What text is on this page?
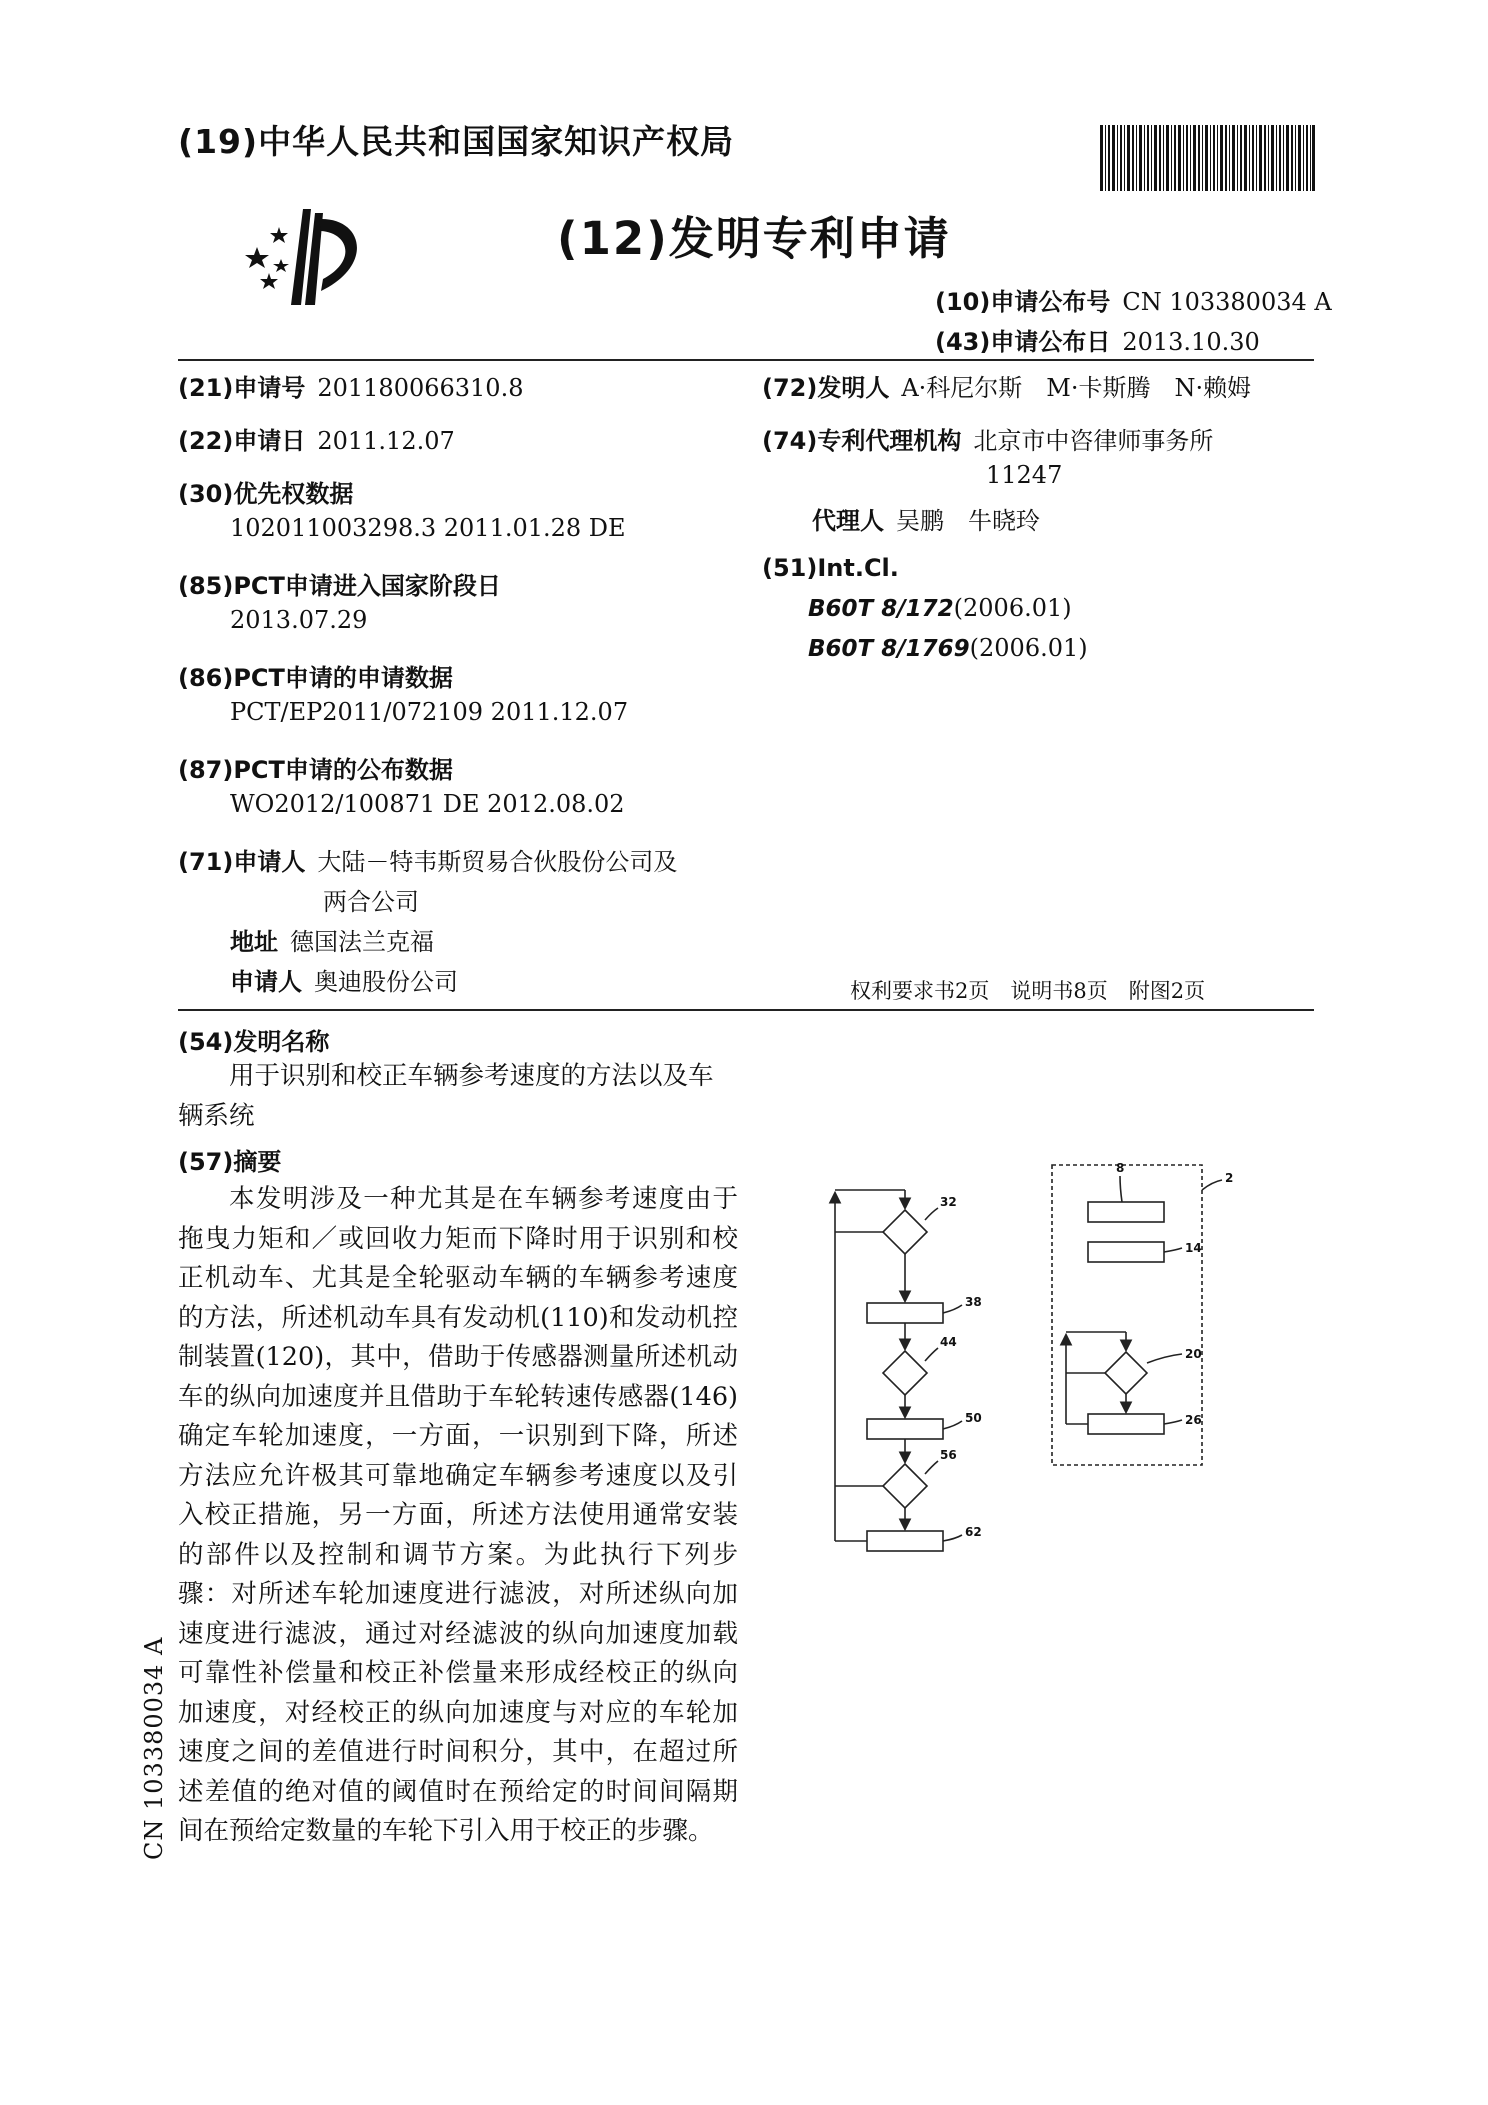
(19)中华人民共和国国家知识产权局
(12)发明专利申请
(10)申请公布号 CN 103380034 A
(43)申请公布日 2013.10.30
(21)申请号 201180066310.8
(22)申请日 2011.12.07
(30)优先权数据
102011003298.3 2011.01.28 DE
(85)PCT申请进入国家阶段日
2013.07.29
(86)PCT申请的申请数据
PCT/EP2011/072109 2011.12.07
(87)PCT申请的公布数据
WO2012/100871 DE 2012.08.02
(71)申请人 大陆－特韦斯贸易合伙股份公司及
两合公司
地址 德国法兰克福
申请人 奥迪股份公司
(72)发明人 A·科尼尔斯　M·卡斯腾　N·赖姆
(74)专利代理机构 北京市中咨律师事务所
11247
代理人 吴鹏　牛晓玲
(51)Int.Cl.
B60T 8/172(2006.01)
B60T 8/1769(2006.01)
权利要求书2页　说明书8页　附图2页
(54)发明名称
用于识别和校正车辆参考速度的方法以及车辆系统
(57)摘要
本发明涉及一种尤其是在车辆参考速度由于拖曳力矩和／或回收力矩而下降时用于识别和校正机动车、尤其是全轮驱动车辆的车辆参考速度的方法，所述机动车具有发动机(110)和发动机控制装置(120)，其中，借助于传感器测量所述机动车的纵向加速度并且借助于车轮转速传感器(146)确定车轮加速度，一方面，一识别到下降，所述方法应允许极其可靠地确定车辆参考速度以及引入校正措施，另一方面，所述方法使用通常安装的部件以及控制和调节方案。为此执行下列步骤：对所述车轮加速度进行滤波，对所述纵向加速度进行滤波，通过对经滤波的纵向加速度加载可靠性补偿量和校正补偿量来形成经校正的纵向加速度，对经校正的纵向加速度与对应的车轮加速度之间的差值进行时间积分，其中，在超过所述差值的绝对值的阈值时在预给定的时间间隔期间在预给定数量的车轮下引入用于校正的步骤。
CN 103380034 A
32
38
44
50
56
62
8
2
14
20
26
